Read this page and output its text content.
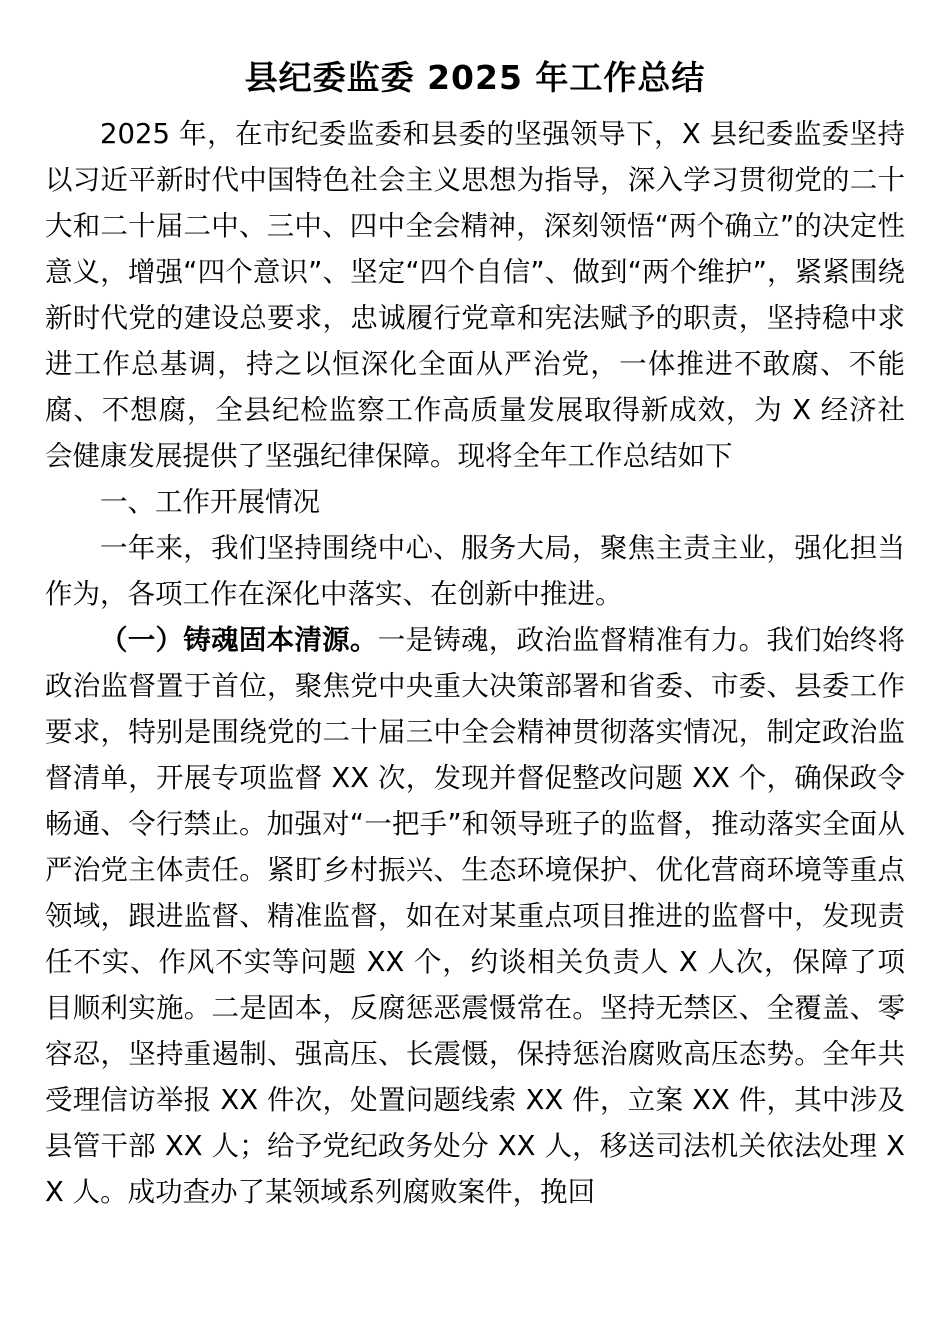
县纪委监委 2025 年工作总结

2025 年，在市纪委监委和县委的坚强领导下，X 县纪委监委坚持以习近平新时代中国特色社会主义思想为指导，深入学习贯彻党的二十大和二十届二中、三中、四中全会精神，深刻领悟“两个确立”的决定性意义，增强“四个意识”、坚定“四个自信”、做到“两个维护”，紧紧围绕新时代党的建设总要求，忠诚履行党章和宪法赋予的职责，坚持稳中求进工作总基调，持之以恒深化全面从严治党，一体推进不敢腐、不能腐、不想腐，全县纪检监察工作高质量发展取得新成效，为 X 经济社会健康发展提供了坚强纪律保障。现将全年工作总结如下

一、工作开展情况

一年来，我们坚持围绕中心、服务大局，聚焦主责主业，强化担当作为，各项工作在深化中落实、在创新中推进。

（一）铸魂固本清源。一是铸魂，政治监督精准有力。我们始终将政治监督置于首位，聚焦党中央重大决策部署和省委、市委、县委工作要求，特别是围绕党的二十届三中全会精神贯彻落实情况，制定政治监督清单，开展专项监督 XX 次，发现并督促整改问题 XX 个，确保政令畅通、令行禁止。加强对“一把手”和领导班子的监督，推动落实全面从严治党主体责任。紧盯乡村振兴、生态环境保护、优化营商环境等重点领域，跟进监督、精准监督，如在对某重点项目推进的监督中，发现责任不实、作风不实等问题 XX 个，约谈相关负责人 X 人次，保障了项目顺利实施。二是固本，反腐惩恶震慑常在。坚持无禁区、全覆盖、零容忍，坚持重遏制、强高压、长震慑，保持惩治腐败高压态势。全年共受理信访举报 XX 件次，处置问题线索 XX 件，立案 XX 件，其中涉及县管干部 XX 人；给予党纪政务处分 XX 人，移送司法机关依法处理 XX 人。成功查办了某领域系列腐败案件，挽回
